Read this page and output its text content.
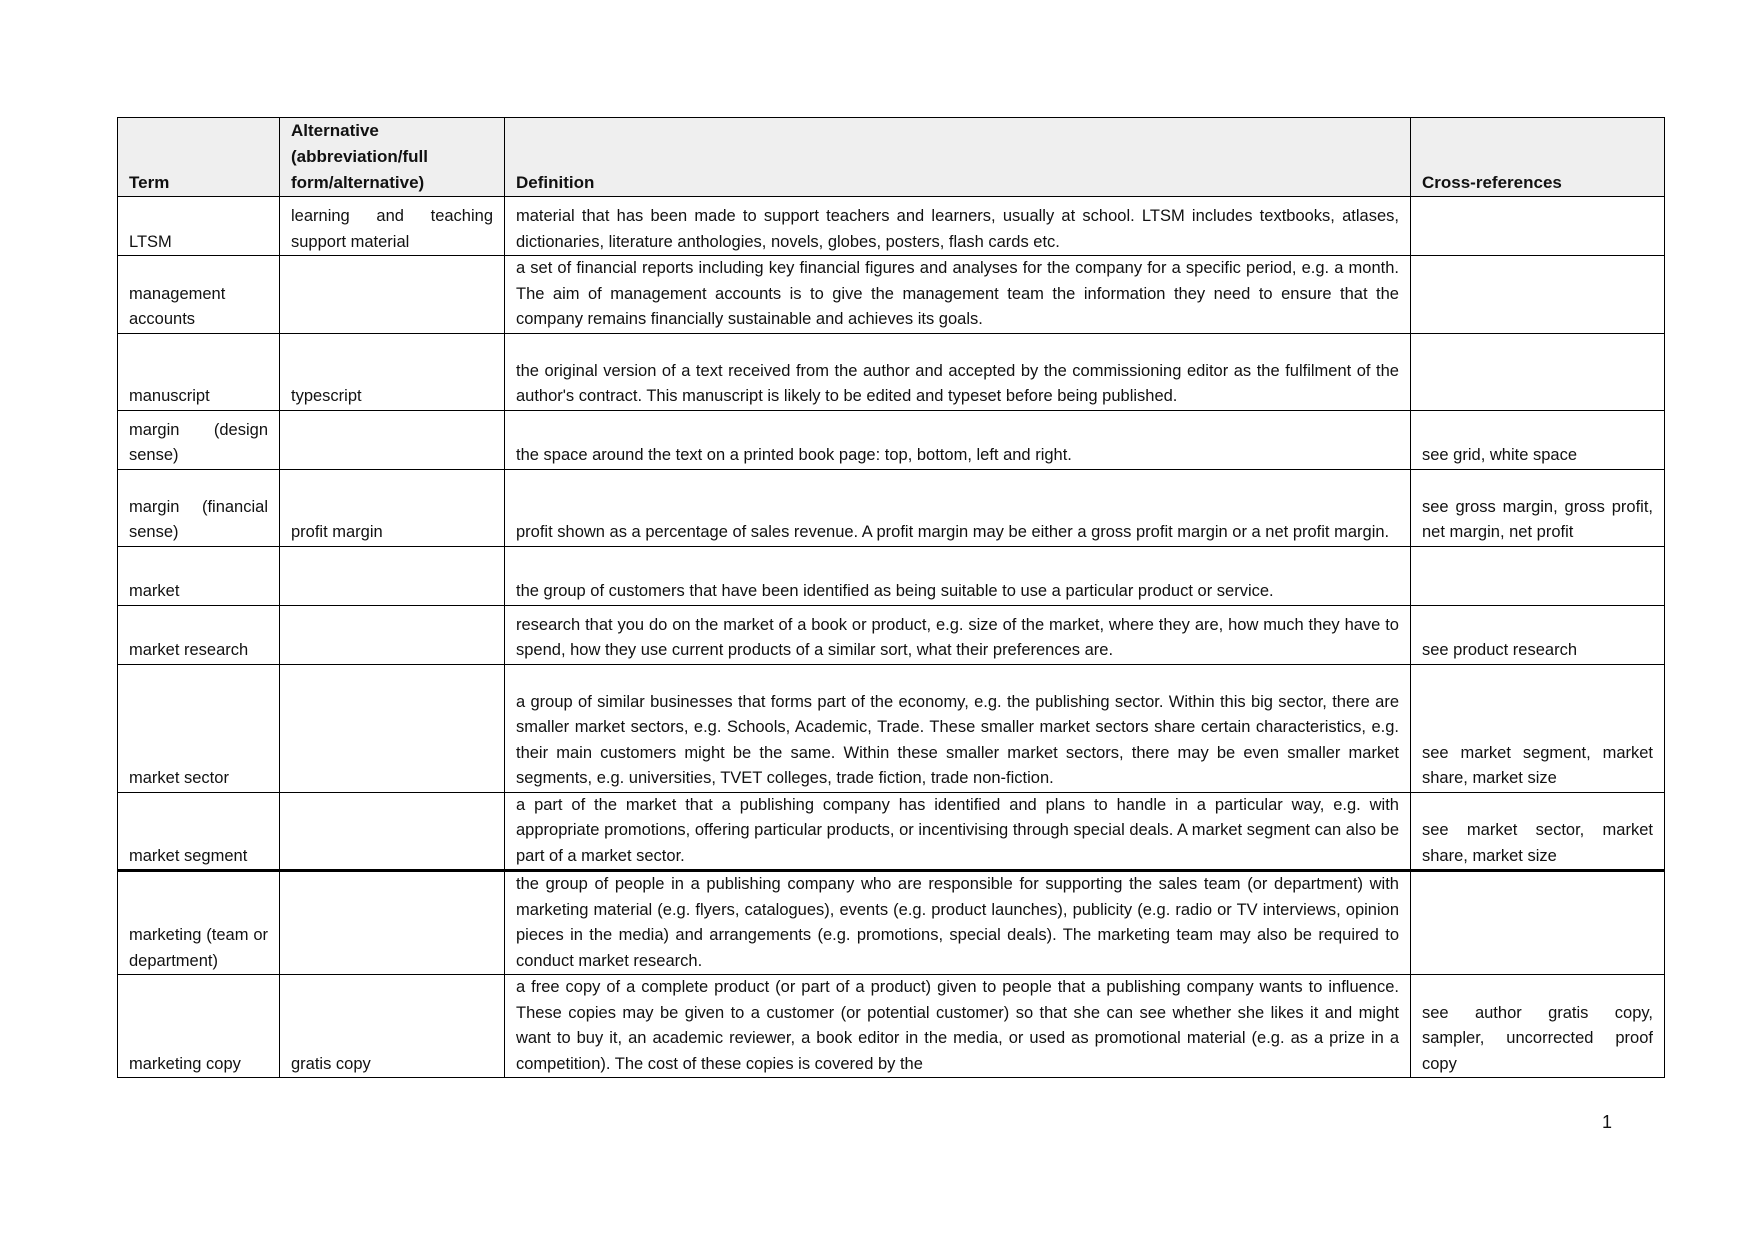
Term	Alternative (abbreviation/full form/alternative)	Definition	Cross-references
LTSM	learning and teaching support material	material that has been made to support teachers and learners, usually at school. LTSM includes textbooks, atlases, dictionaries, literature anthologies, novels, globes, posters, flash cards etc.	
management accounts		a set of financial reports including key financial figures and analyses for the company for a specific period, e.g. a month. The aim of management accounts is to give the management team the information they need to ensure that the company remains financially sustainable and achieves its goals.	
manuscript	typescript	the original version of a text received from the author and accepted by the commissioning editor as the fulfilment of the author's contract. This manuscript is likely to be edited and typeset before being published.	
margin (design sense)		the space around the text on a printed book page: top, bottom, left and right.	see grid, white space
margin (financial sense)	profit margin	profit shown as a percentage of sales revenue. A profit margin may be either a gross profit margin or a net profit margin.	see gross margin, gross profit, net margin, net profit
market		the group of customers that have been identified as being suitable to use a particular product or service.	
market research		research that you do on the market of a book or product, e.g. size of the market, where they are, how much they have to spend, how they use current products of a similar sort, what their preferences are.	see product research
market sector		a group of similar businesses that forms part of the economy, e.g. the publishing sector. Within this big sector, there are smaller market sectors, e.g. Schools, Academic, Trade. These smaller market sectors share certain characteristics, e.g. their main customers might be the same. Within these smaller market sectors, there may be even smaller market segments, e.g. universities, TVET colleges, trade fiction, trade non-fiction.	see market segment, market share, market size
market segment		a part of the market that a publishing company has identified and plans to handle in a particular way, e.g. with appropriate promotions, offering particular products, or incentivising through special deals. A market segment can also be part of a market sector.	see market sector, market share, market size
marketing (team or department)		the group of people in a publishing company who are responsible for supporting the sales team (or department) with marketing material (e.g. flyers, catalogues), events (e.g. product launches), publicity (e.g. radio or TV interviews, opinion pieces in the media) and arrangements (e.g. promotions, special deals). The marketing team may also be required to conduct market research.	
marketing copy	gratis copy	a free copy of a complete product (or part of a product) given to people that a publishing company wants to influence. These copies may be given to a customer (or potential customer) so that she can see whether she likes it and might want to buy it, an academic reviewer, a book editor in the media, or used as promotional material (e.g. as a prize in a competition). The cost of these copies is covered by the	see author gratis copy, sampler, uncorrected proof copy
1
